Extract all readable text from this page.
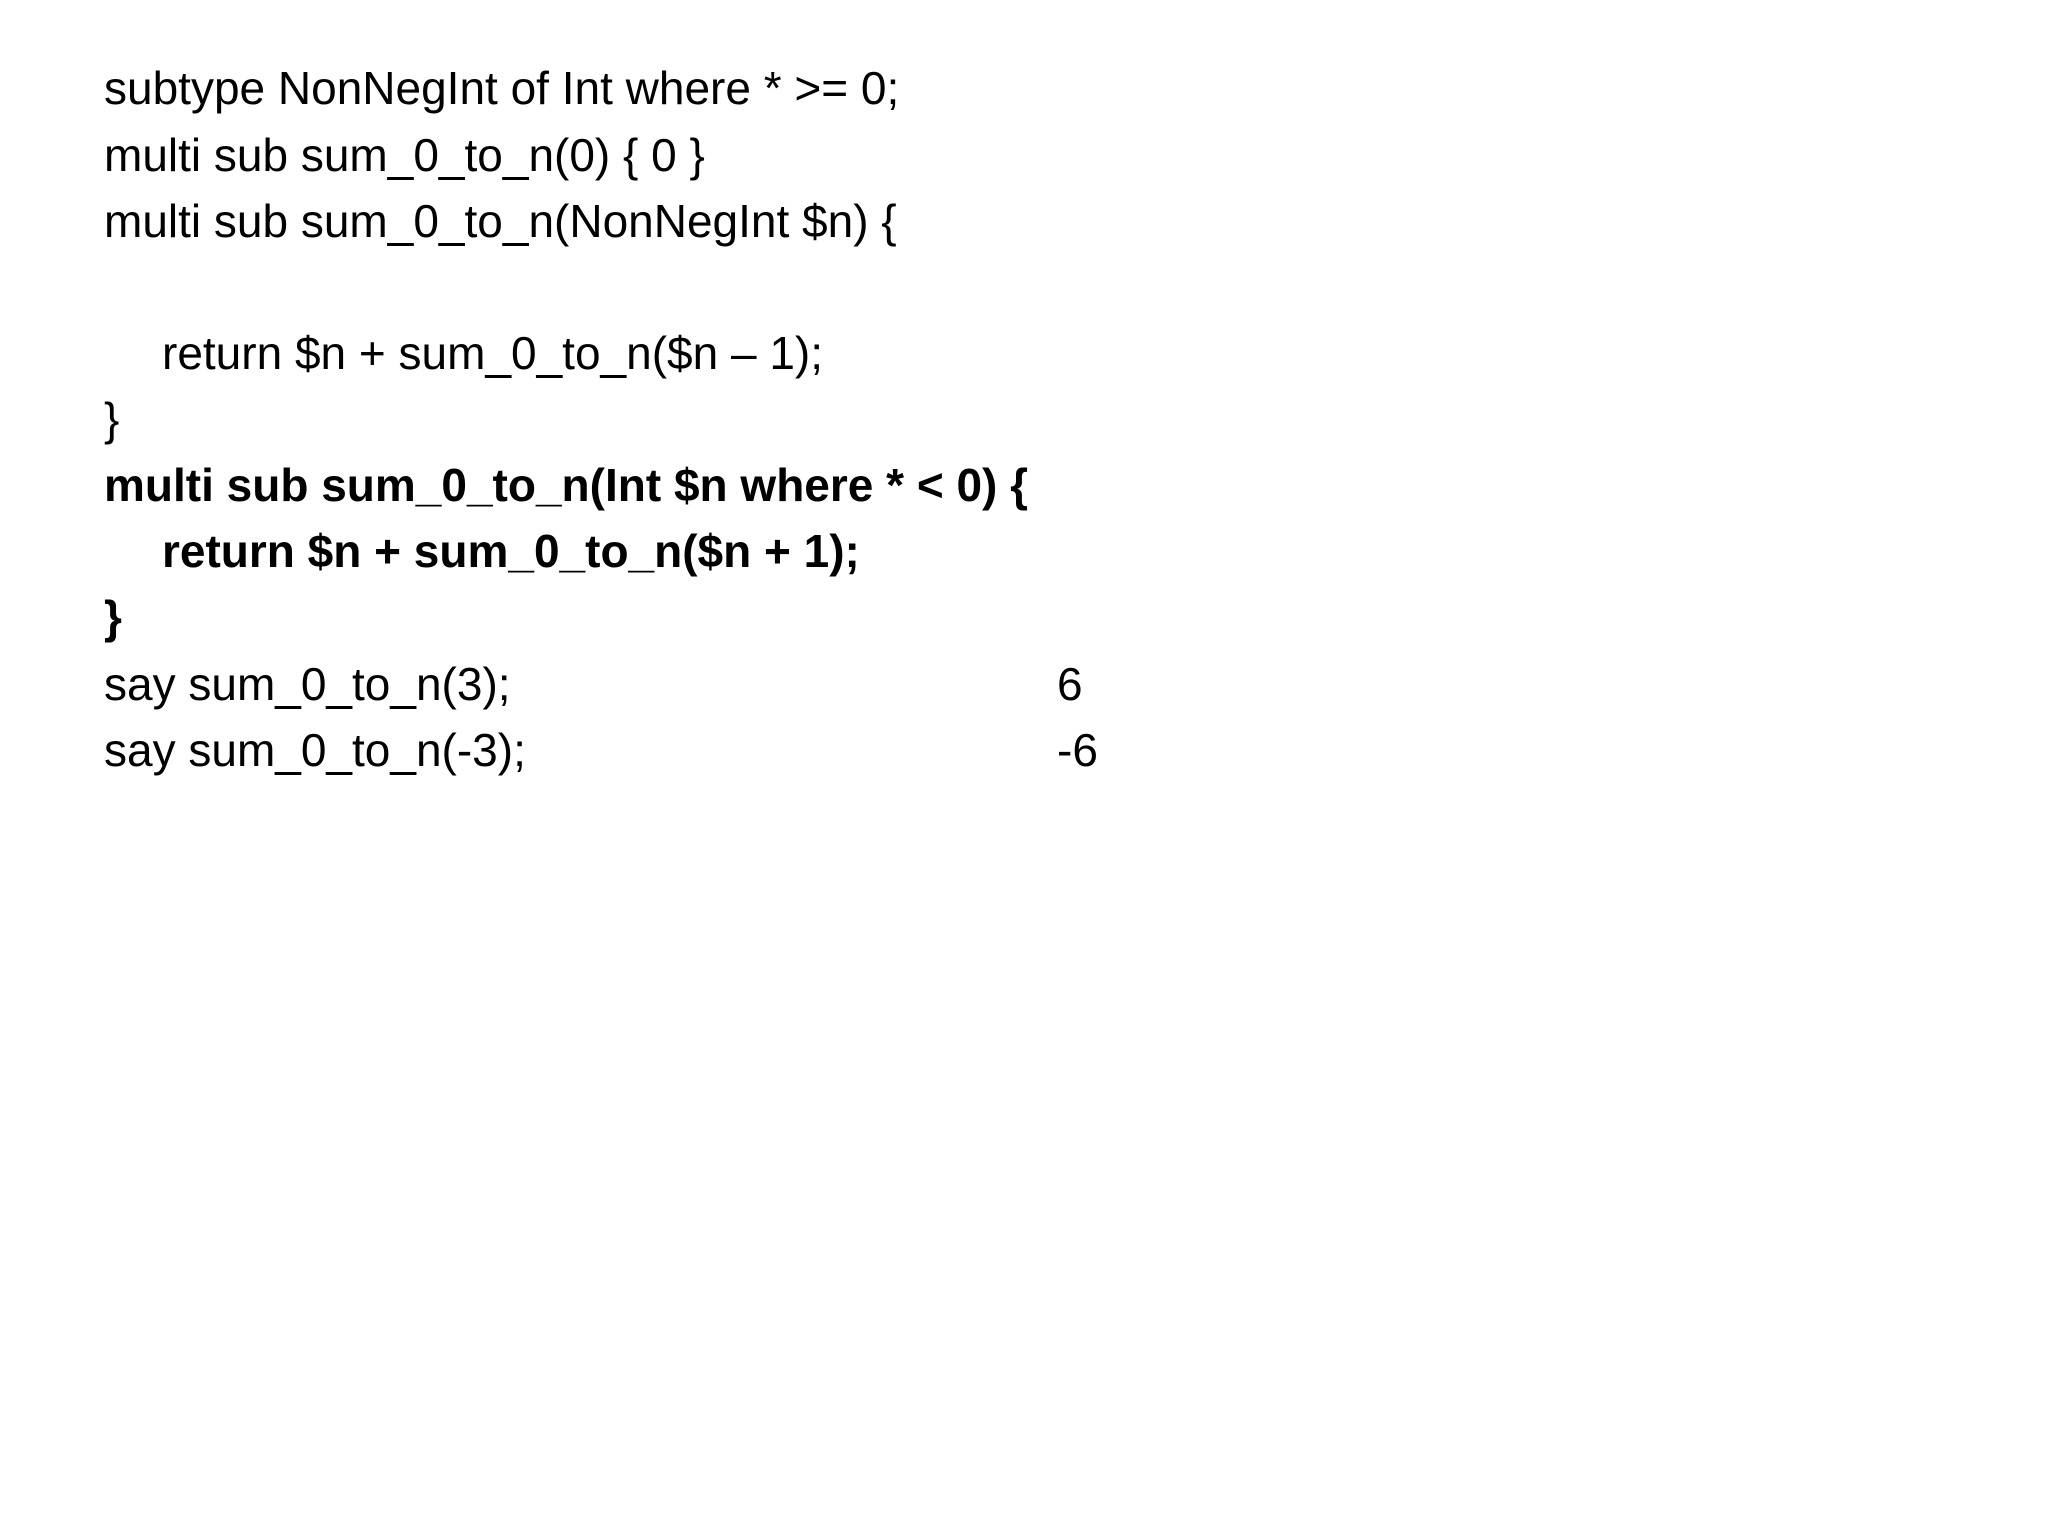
subtype NonNegInt of Int where * >= 0;
multi sub sum_0_to_n(0) { 0 }
multi sub sum_0_to_n(NonNegInt $n) {
return $n + sum_0_to_n($n – 1);
}
multi sub sum_0_to_n(Int $n where * < 0) {
return $n + sum_0_to_n($n + 1);
}
say sum_0_to_n(3);	6
say sum_0_to_n(-3);	-6
